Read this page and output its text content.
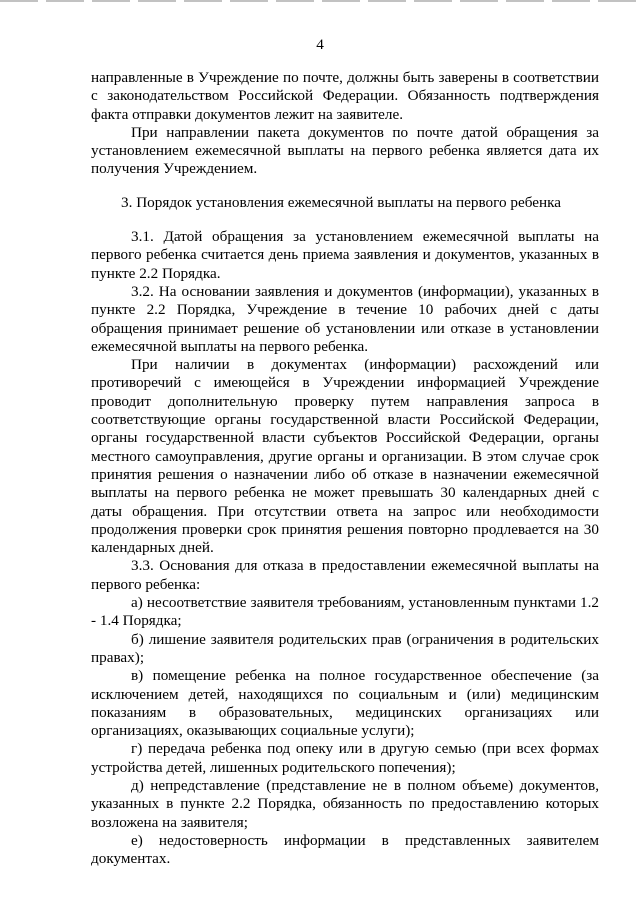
4

направленные в Учреждение по почте, должны быть заверены в соответствии с законодательством Российской Федерации. Обязанность подтверждения факта отправки документов лежит на заявителе.

При направлении пакета документов по почте датой обращения за установлением ежемесячной выплаты на первого ребенка является дата их получения Учреждением.

3. Порядок установления ежемесячной выплаты на первого ребенка

3.1. Датой обращения за установлением ежемесячной выплаты на первого ребенка считается день приема заявления и документов, указанных в пункте 2.2 Порядка.

3.2. На основании заявления и документов (информации), указанных в пункте 2.2 Порядка, Учреждение в течение 10 рабочих дней с даты обращения принимает решение об установлении или отказе в установлении ежемесячной выплаты на первого ребенка.

При наличии в документах (информации) расхождений или противоречий с имеющейся в Учреждении информацией Учреждение проводит дополнительную проверку путем направления запроса в соответствующие органы государственной власти Российской Федерации, органы государственной власти субъектов Российской Федерации, органы местного самоуправления, другие органы и организации. В этом случае срок принятия решения о назначении либо об отказе в назначении ежемесячной выплаты на первого ребенка не может превышать 30 календарных дней с даты обращения. При отсутствии ответа на запрос или необходимости продолжения проверки срок принятия решения повторно продлевается на 30 календарных дней.

3.3. Основания для отказа в предоставлении ежемесячной выплаты на первого ребенка:

а) несоответствие заявителя требованиям, установленным пунктами 1.2 - 1.4 Порядка;

б) лишение заявителя родительских прав (ограничения в родительских правах);

в) помещение ребенка на полное государственное обеспечение (за исключением детей, находящихся по социальным и (или) медицинским показаниям в образовательных, медицинских организациях или организациях, оказывающих социальные услуги);

г) передача ребенка под опеку или в другую семью (при всех формах устройства детей, лишенных родительского попечения);

д) непредставление (представление не в полном объеме) документов, указанных в пункте 2.2 Порядка, обязанность по предоставлению которых возложена на заявителя;

е) недостоверность информации в представленных заявителем документах.
